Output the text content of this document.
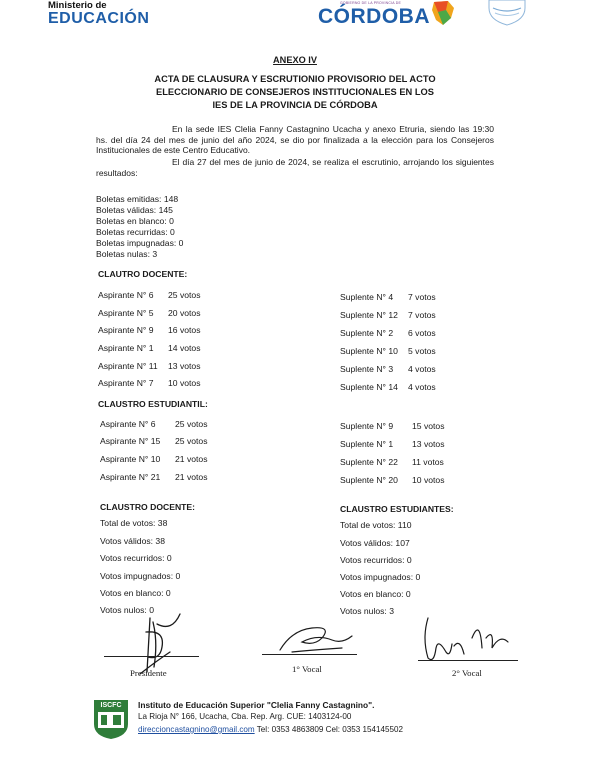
Ministerio de
EDUCACIÓN
GOBIERNO DE LA PROVINCIA DE
CÓRDOBA
ANEXO IV
ACTA DE CLAUSURA Y ESCRUTIONIO PROVISORIO DEL ACTO
ELECCIONARIO DE CONSEJEROS INSTITUCIONALES EN LOS
IES DE LA PROVINCIA DE CÓRDOBA
En la sede IES Clelia Fanny Castagnino Ucacha y anexo Etruria, siendo las 19:30 hs. del día 24 del mes de junio del año 2024, se dio por finalizada a la elección para los Consejeros Institucionales de este Centro Educativo.
El día 27 del mes de junio de 2024, se realiza el escrutinio, arrojando los siguientes resultados:
Boletas emitidas: 148
Boletas válidas: 145
Boletas en blanco: 0
Boletas recurridas: 0
Boletas impugnadas: 0
Boletas nulas: 3
CLAUTRO DOCENTE:
Aspirante N° 6 25 votos
Aspirante N° 5 20 votos
Aspirante N° 9 16 votos
Aspirante N° 1 14 votos
Aspirante N° 11 13 votos
Aspirante N° 7 10 votos
Suplente N° 4 7 votos
Suplente N° 12 7 votos
Suplente N° 2 6 votos
Suplente N° 10 5 votos
Suplente N° 3 4 votos
Suplente N° 14 4 votos
CLAUSTRO ESTUDIANTIL:
Aspirante N° 6 25 votos
Aspirante N° 15 25 votos
Aspirante N° 10 21 votos
Aspirante N° 21 21 votos
Suplente N° 9 15 votos
Suplente N° 1 13 votos
Suplente N° 22 11 votos
Suplente N° 20 10 votos
CLAUSTRO DOCENTE:
Total de votos: 38
Votos válidos: 38
Votos recurridos: 0
Votos impugnados: 0
Votos en blanco: 0
Votos nulos: 0
CLAUSTRO ESTUDIANTES:
Total de votos: 110
Votos válidos: 107
Votos recurridos: 0
Votos impugnados: 0
Votos en blanco: 0
Votos nulos: 3
Presidente	1° Vocal	2° Vocal
ISCFC	Instituto de Educación Superior "Clelia Fanny Castagnino".
La Rioja N° 166, Ucacha, Cba. Rep. Arg. CUE: 1403124-00
direccioncastagnino@gmail.com Tel: 0353 4863809 Cel: 0353 154145502
